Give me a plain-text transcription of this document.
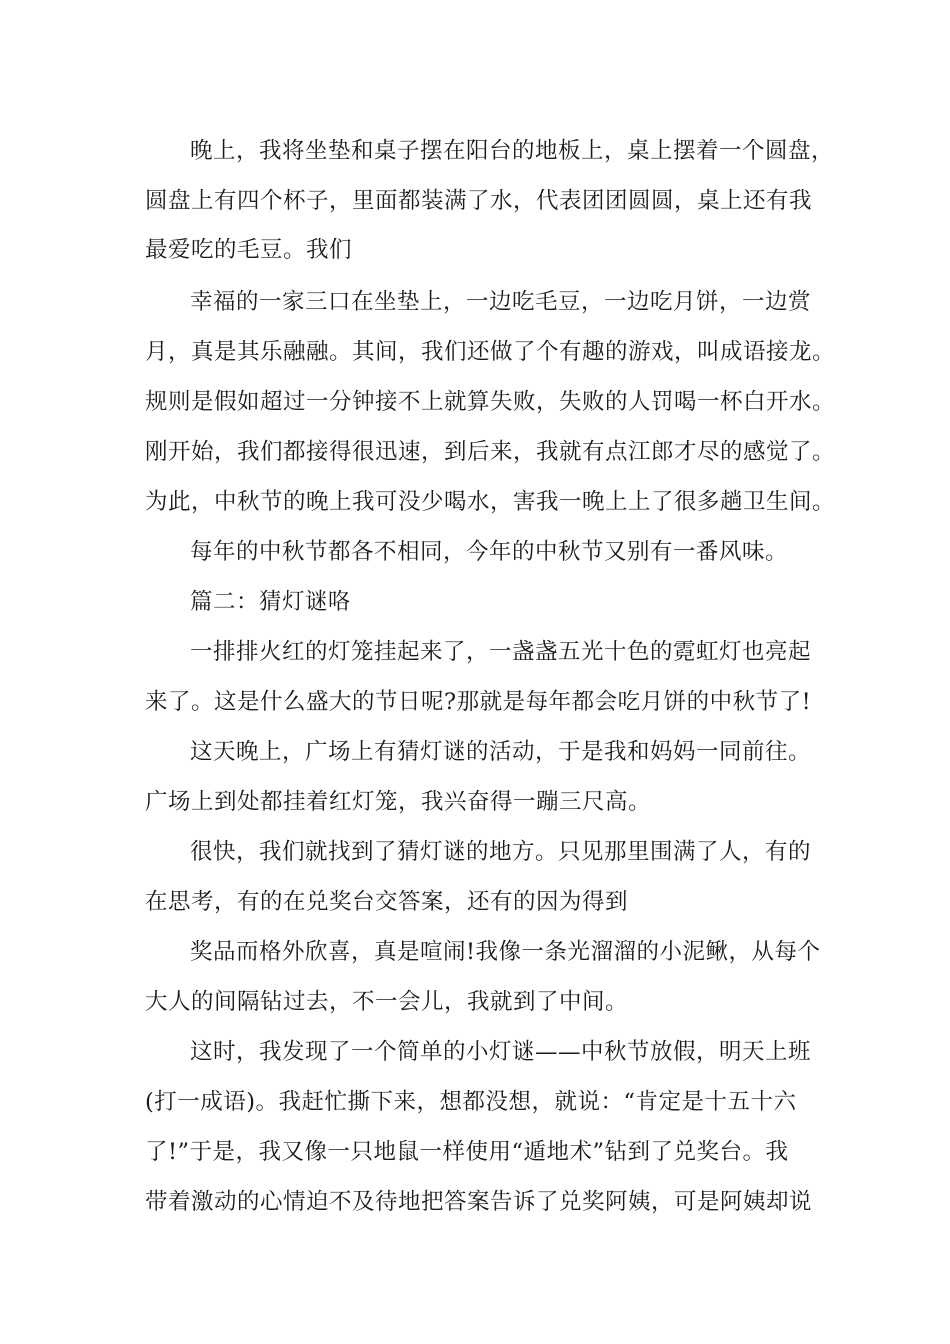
晚上，我将坐垫和桌子摆在阳台的地板上，桌上摆着一个圆盘，
圆盘上有四个杯子，里面都装满了水，代表团团圆圆，桌上还有我
最爱吃的毛豆。我们
幸福的一家三口在坐垫上，一边吃毛豆，一边吃月饼，一边赏
月，真是其乐融融。其间，我们还做了个有趣的游戏，叫成语接龙。
规则是假如超过一分钟接不上就算失败，失败的人罚喝一杯白开水。
刚开始，我们都接得很迅速，到后来，我就有点江郎才尽的感觉了。
为此，中秋节的晚上我可没少喝水，害我一晚上上了很多趟卫生间。
每年的中秋节都各不相同，今年的中秋节又别有一番风味。
篇二：猜灯谜咯
一排排火红的灯笼挂起来了，一盏盏五光十色的霓虹灯也亮起
来了。这是什么盛大的节日呢?那就是每年都会吃月饼的中秋节了!
这天晚上，广场上有猜灯谜的活动，于是我和妈妈一同前往。
广场上到处都挂着红灯笼，我兴奋得一蹦三尺高。
很快，我们就找到了猜灯谜的地方。只见那里围满了人，有的
在思考，有的在兑奖台交答案，还有的因为得到
奖品而格外欣喜，真是喧闹!我像一条光溜溜的小泥鳅，从每个
大人的间隔钻过去，不一会儿，我就到了中间。
这时，我发现了一个简单的小灯谜——中秋节放假，明天上班
(打一成语)。我赶忙撕下来，想都没想，就说：“肯定是十五十六
了!”于是，我又像一只地鼠一样使用“遁地术”钻到了兑奖台。我
带着激动的心情迫不及待地把答案告诉了兑奖阿姨，可是阿姨却说
